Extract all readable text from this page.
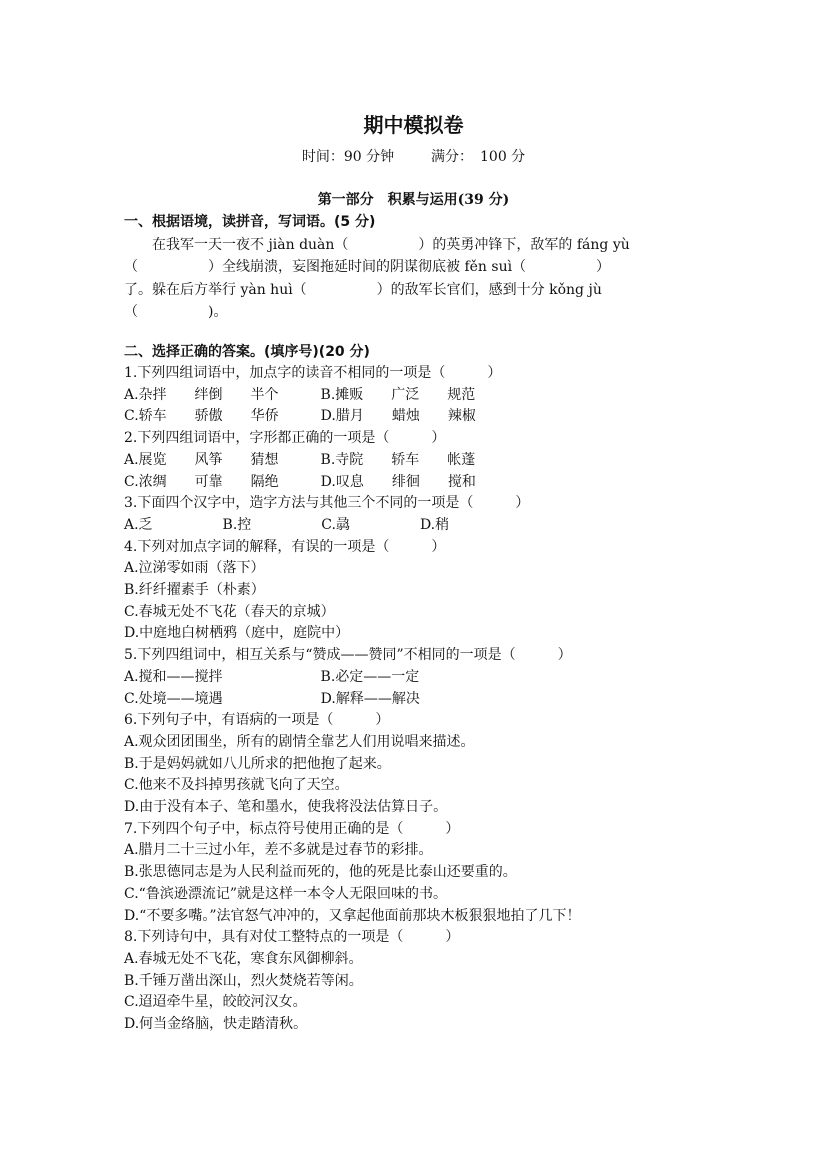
期中模拟卷
时间：90 分钟	满分：　100 分
第一部分　积累与运用(39 分)
一、根据语境，读拼音，写词语。(5 分)
　　在我军一天一夜不 jiàn duàn（　　　　　）的英勇冲锋下，敌军的 fáng yù
（　　　　　）全线崩溃，妄图拖延时间的阴谋彻底被 fěn suì（　　　　　）
了。躲在后方举行 yàn huì（　　　　　）的敌军长官们，感到十分 kǒng jù
（　　　　　)。
二、选择正确的答案。(填序号)(20 分)
1.下列四组词语中，加点字的读音不相同的一项是（　　　）
A.杂拌　　绊倒　　半个　　　B.摊贩　　广泛　　规范
C.轿车　　骄傲　　华侨　　　D.腊月　　蜡烛　　辣椒
2.下列四组词语中，字形都正确的一项是（　　　）
A.展览　　风筝　　猜想　　　B.寺院　　轿车　　帐蓬
C.浓绸　　可靠　　隔绝　　　D.叹息　　绯徊　　搅和
3.下面四个汉字中，造字方法与其他三个不同的一项是（　　　）
A.乏　　　　　B.控　　　　　C.骉　　　　　D.稍
4.下列对加点字词的解释，有误的一项是（　　　）
A.泣涕零如雨（落下）
B.纤纤擢素手（朴素）
C.春城无处不飞花（春天的京城）
D.中庭地白树栖鸦（庭中，庭院中）
5.下列四组词中，相互关系与“赞成——赞同”不相同的一项是（　　　）
A.搅和——搅拌　　　　　　　B.必定——一定
C.处境——境遇　　　　　　　D.解释——解决
6.下列句子中，有语病的一项是（　　　）
A.观众团团围坐，所有的剧情全靠艺人们用说唱来描述。
B.于是妈妈就如八儿所求的把他抱了起来。
C.他来不及抖掉男孩就飞向了天空。
D.由于没有本子、笔和墨水，使我将没法估算日子。
7.下列四个句子中，标点符号使用正确的是（　　　）
A.腊月二十三过小年，差不多就是过春节的彩排。
B.张思德同志是为人民利益而死的，他的死是比泰山还要重的。
C.“鲁滨逊漂流记”就是这样一本令人无限回味的书。
D.“不要多嘴。”法官怒气冲冲的，又拿起他面前那块木板狠狠地拍了几下！
8.下列诗句中，具有对仗工整特点的一项是（　　　）
A.春城无处不飞花，寒食东风御柳斜。
B.千锤万凿出深山，烈火焚烧若等闲。
C.迢迢牵牛星，皎皎河汉女。
D.何当金络脑，快走踏清秋。
